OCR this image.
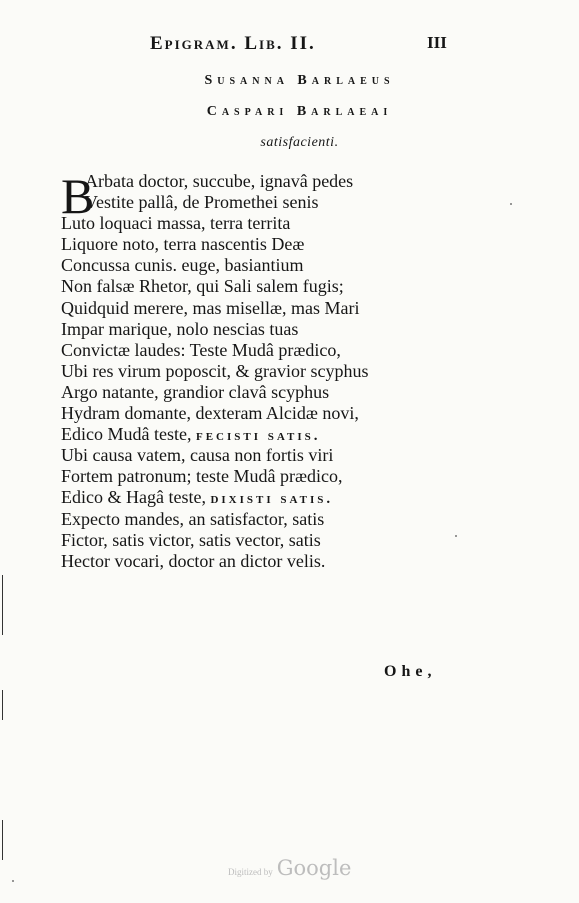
Epigram. Lib. II.	III
Susanna Barlaeus
Caspari Barlaeai
satisfacienti.
B
Arbata doctor, succube, ignavâ pedes
Vestite pallâ, de Promethei senis
Luto loquaci massa, terra territa
Liquore noto, terra nascentis Deæ
Concussa cunis. euge, basiantium
Non falsæ Rhetor, qui Sali salem fugis;
Quidquid merere, mas misellæ, mas Mari
Impar marique, nolo nescias tuas
Convictæ laudes: Teste Mudâ prædico,
Ubi res virum poposcit, & gravior scyphus
Argo natante, grandior clavâ scyphus
Hydram domante, dexteram Alcidæ novi,
Edico Mudâ teste, fecisti satis.
Ubi causa vatem, causa non fortis viri
Fortem patronum; teste Mudâ prædico,
Edico & Hagâ teste, dixisti satis.
Expecto mandes, an satisfactor, satis
Fictor, satis victor, satis vector, satis
Hector vocari, doctor an dictor velis.
Ohe,
Digitized by Google
